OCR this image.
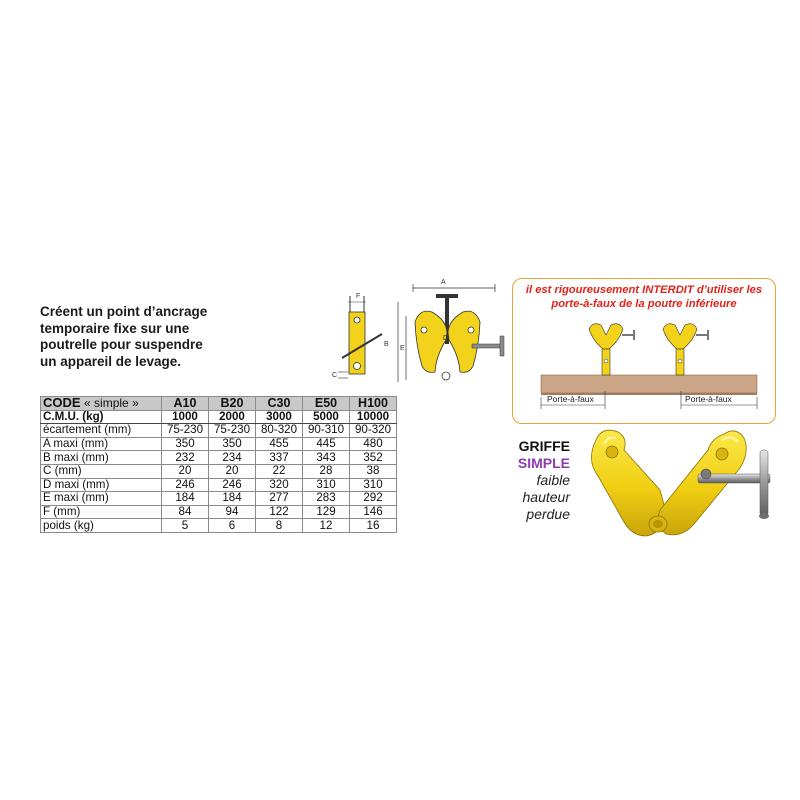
Créent un point d’ancrage
temporaire fixe sur une
poutrelle pour suspendre
un appareil de levage.
F
C
A
B
E
D
CODE « simple »	A10	B20	C30	E50	H100
C.M.U. (kg)	1000	2000	3000	5000	10000
écartement (mm)	75-230	75-230	80-320	90-310	90-320
A maxi (mm)	350	350	455	445	480
B maxi (mm)	232	234	337	343	352
C (mm)	20	20	22	28	38
D maxi (mm)	246	246	320	310	310
E maxi (mm)	184	184	277	283	292
F (mm)	84	94	122	129	146
poids (kg)	5	6	8	12	16
il est rigoureusement INTERDIT d’utiliser les
porte-à-faux de la poutre inférieure
Porte-à-faux	Porte-à-faux
GRIFFE
SIMPLE
faible
hauteur
perdue
